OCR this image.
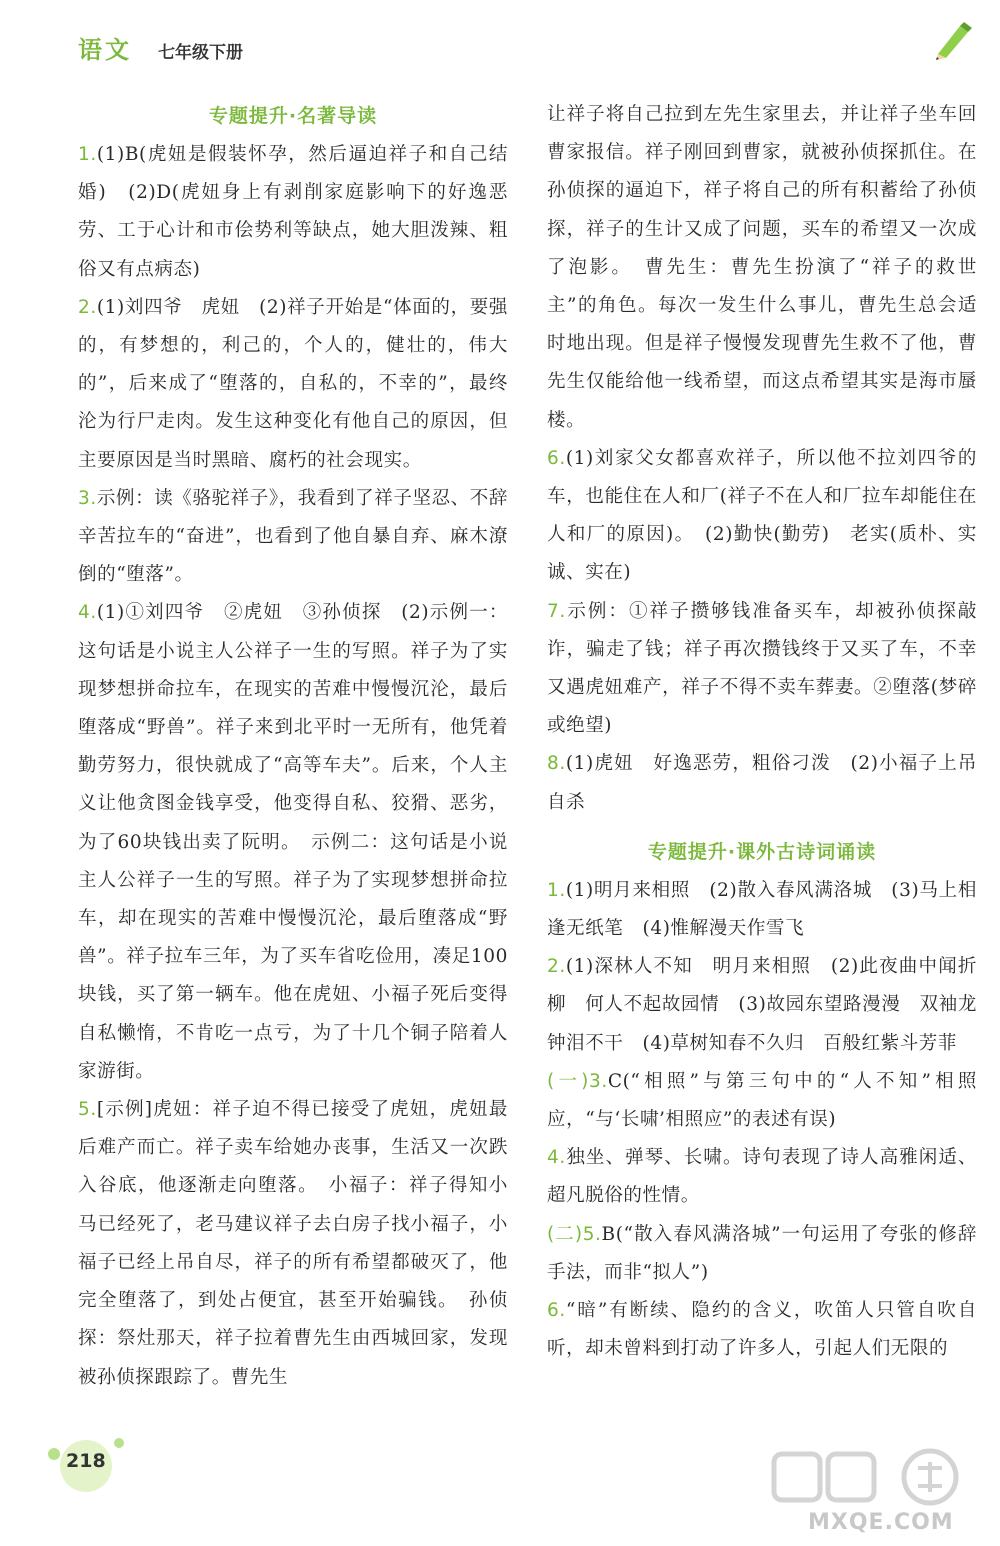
语文 七年级下册
专题提升·名著导读

1.(1)B(虎妞是假装怀孕，然后逼迫祥子和自己结婚)　(2)D(虎妞身上有剥削家庭影响下的好逸恶劳、工于心计和市侩势利等缺点，她大胆泼辣、粗俗又有点病态)

2.(1)刘四爷　虎妞　(2)祥子开始是“体面的，要强的，有梦想的，利己的，个人的，健壮的，伟大的”，后来成了“堕落的，自私的，不幸的”，最终沦为行尸走肉。发生这种变化有他自己的原因，但主要原因是当时黑暗、腐朽的社会现实。

3.示例：读《骆驼祥子》，我看到了祥子坚忍、不辞辛苦拉车的“奋进”，也看到了他自暴自弃、麻木潦倒的“堕落”。

4.(1)①刘四爷　②虎妞　③孙侦探　(2)示例一：这句话是小说主人公祥子一生的写照。祥子为了实现梦想拼命拉车，在现实的苦难中慢慢沉沦，最后堕落成“野兽”。祥子来到北平时一无所有，他凭着勤劳努力，很快就成了“高等车夫”。后来，个人主义让他贪图金钱享受，他变得自私、狡猾、恶劣，为了60块钱出卖了阮明。　示例二：这句话是小说主人公祥子一生的写照。祥子为了实现梦想拼命拉车，却在现实的苦难中慢慢沉沦，最后堕落成“野兽”。祥子拉车三年，为了买车省吃俭用，凑足100块钱，买了第一辆车。他在虎妞、小福子死后变得自私懒惰，不肯吃一点亏，为了十几个铜子陪着人家游街。

5.[示例]虎妞：祥子迫不得已接受了虎妞，虎妞最后难产而亡。祥子卖车给她办丧事，生活又一次跌入谷底，他逐渐走向堕落。　小福子：祥子得知小马已经死了，老马建议祥子去白房子找小福子，小福子已经上吊自尽，祥子的所有希望都破灭了，他完全堕落了，到处占便宜，甚至开始骗钱。　孙侦探：祭灶那天，祥子拉着曹先生由西城回家，发现被孙侦探跟踪了。曹先生

让祥子将自己拉到左先生家里去，并让祥子坐车回曹家报信。祥子刚回到曹家，就被孙侦探抓住。在孙侦探的逼迫下，祥子将自己的所有积蓄给了孙侦探，祥子的生计又成了问题，买车的希望又一次成了泡影。　曹先生：曹先生扮演了“祥子的救世主”的角色。每次一发生什么事儿，曹先生总会适时地出现。但是祥子慢慢发现曹先生救不了他，曹先生仅能给他一线希望，而这点希望其实是海市蜃楼。

6.(1)刘家父女都喜欢祥子，所以他不拉刘四爷的车，也能住在人和厂(祥子不在人和厂拉车却能住在人和厂的原因)。　(2)勤快(勤劳)　老实(质朴、实诚、实在)

7.示例：①祥子攒够钱准备买车，却被孙侦探敲诈，骗走了钱；祥子再次攒钱终于又买了车，不幸又遇虎妞难产，祥子不得不卖车葬妻。②堕落(梦碎或绝望)

8.(1)虎妞　好逸恶劳，粗俗刁泼　(2)小福子上吊自杀

专题提升·课外古诗词诵读

1.(1)明月来相照　(2)散入春风满洛城　(3)马上相逢无纸笔　(4)惟解漫天作雪飞

2.(1)深林人不知　明月来相照　(2)此夜曲中闻折柳　何人不起故园情　(3)故园东望路漫漫　双袖龙钟泪不干　(4)草树知春不久归　百般红紫斗芳菲

(一)3.C(“相照”与第三句中的“人不知”相照应，“与‘长啸’相照应”的表述有误)

4.独坐、弹琴、长啸。诗句表现了诗人高雅闲适、超凡脱俗的性情。

(二)5.B(“散入春风满洛城”一句运用了夸张的修辞手法，而非“拟人”)

6.“暗”有断续、隐约的含义，吹笛人只管自吹自听，却未曾料到打动了许多人，引起人们无限的

218
MXQE.COM
